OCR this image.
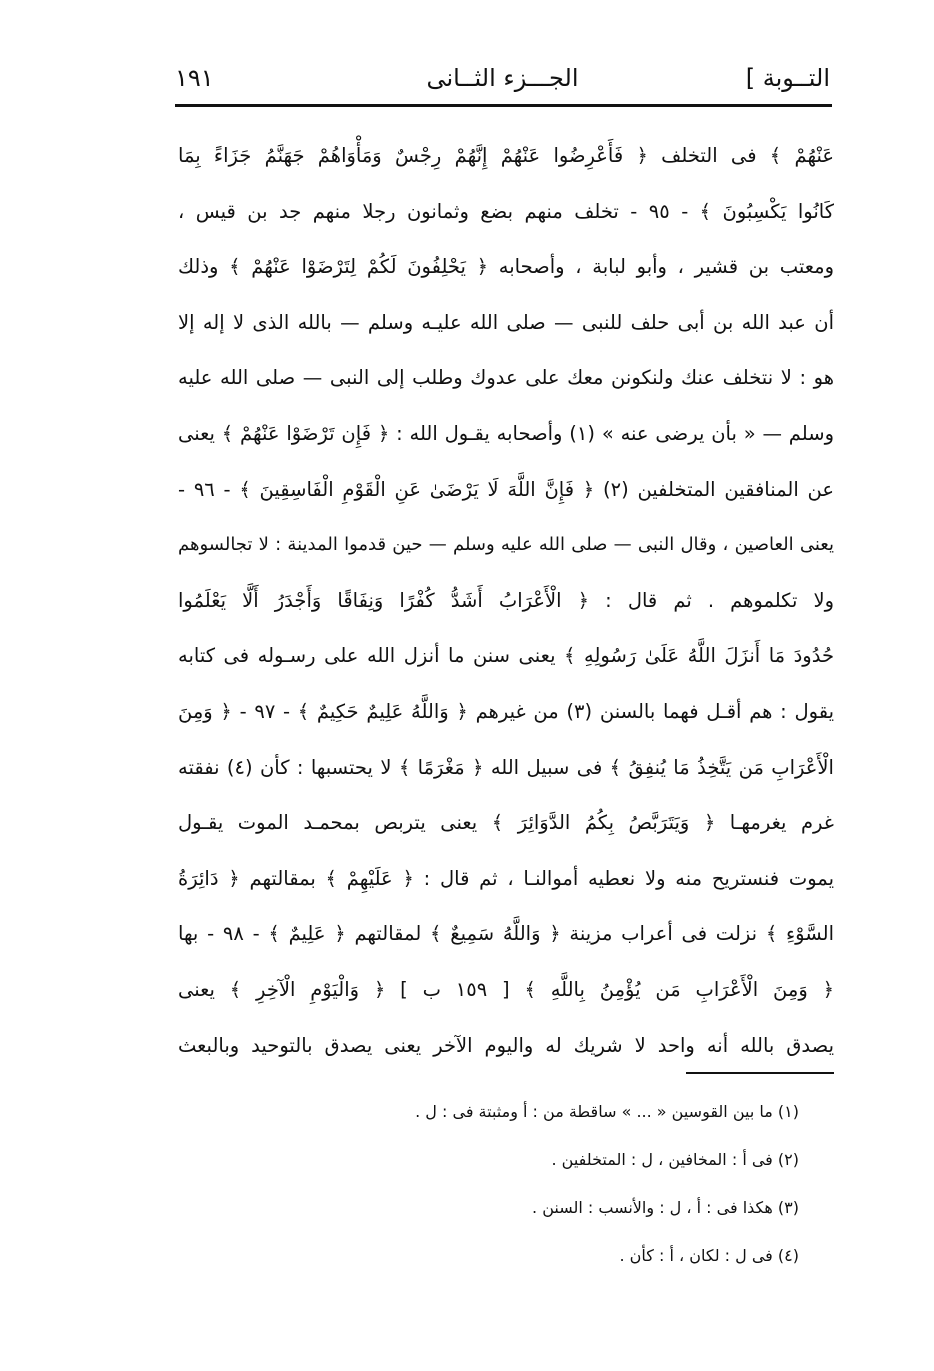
التــوبة ]
الجـــزء الثــانى
١٩١
عَنْهُمْ ﴾ فى التخلف ﴿ فَأَعْرِضُوا عَنْهُمْ إِنَّهُمْ رِجْسٌ وَمَأْوَاهُمْ جَهَنَّمُ جَزَاءً بِمَا
كَانُوا يَكْسِبُونَ ﴾ - ٩٥ - تخلف منهم بضع وثمانون رجلا منهم جد بن قيس ،
ومعتب بن قشير ، وأبو لبابة ، وأصحابه ﴿ يَحْلِفُونَ لَكُمْ لِتَرْضَوْا عَنْهُمْ ﴾ وذلك
أن عبد الله بن أبى حلف للنبى — صلى الله عليـه وسلم — بالله الذى لا إله إلا
هو : لا نتخلف عنك ولنكونن معك على عدوك وطلب إلى النبى — صلى الله عليه
وسلم — « بأن يرضى عنه » (١) وأصحابه يقـول الله : ﴿ فَإِن تَرْضَوْا عَنْهُمْ ﴾ يعنى
عن المنافقين المتخلفين (٢) ﴿ فَإِنَّ اللَّهَ لَا يَرْضَىٰ عَنِ الْقَوْمِ الْفَاسِقِينَ ﴾ - ٩٦ -
يعنى العاصين ، وقال النبى — صلى الله عليه وسلم — حين قدموا المدينة : لا تجالسوهم
ولا تكلموهم . ثم قال : ﴿ الْأَعْرَابُ أَشَدُّ كُفْرًا وَنِفَاقًا وَأَجْدَرُ أَلَّا يَعْلَمُوا
حُدُودَ مَا أَنزَلَ اللَّهُ عَلَىٰ رَسُولِهِ ﴾ يعنى سنن ما أنزل الله على رسـوله فى كتابه
يقول : هم أقـل فهما بالسنن (٣) من غيرهم ﴿ وَاللَّهُ عَلِيمٌ حَكِيمٌ ﴾ - ٩٧ - ﴿ وَمِنَ
الْأَعْرَابِ مَن يَتَّخِذُ مَا يُنفِقُ ﴾ فى سبيل الله ﴿ مَغْرَمًا ﴾ لا يحتسبها : كأن (٤) نفقته
غرم يغرمهـا ﴿ وَيَتَرَبَّصُ بِكُمُ الدَّوَائِرَ ﴾ يعنى يتربص بمحمـد الموت يقـول
يموت فنستريح منه ولا نعطيه أموالنـا ، ثم قال : ﴿ عَلَيْهِمْ ﴾ بمقالتهم ﴿ دَائِرَةُ
السَّوْءِ ﴾ نزلت فى أعراب مزينة ﴿ وَاللَّهُ سَمِيعٌ ﴾ لمقالتهم ﴿ عَلِيمٌ ﴾ - ٩٨ - بها
﴿ وَمِنَ الْأَعْرَابِ مَن يُؤْمِنُ بِاللَّهِ ﴾ [ ١٥٩ ب ] ﴿ وَالْيَوْمِ الْآخِرِ ﴾ يعنى
يصدق بالله أنه واحد لا شريك له واليوم الآخر يعنى يصدق بالتوحيد وبالبعث
(١) ما بين القوسين « ... » ساقطة من : أ ومثبتة فى : ل .
(٢) فى أ : المخافين ، ل : المتخلفين .
(٣) هكذا فى : أ ، ل : والأنسب : السنن .
(٤) فى ل : لكان ، أ : كأن .
